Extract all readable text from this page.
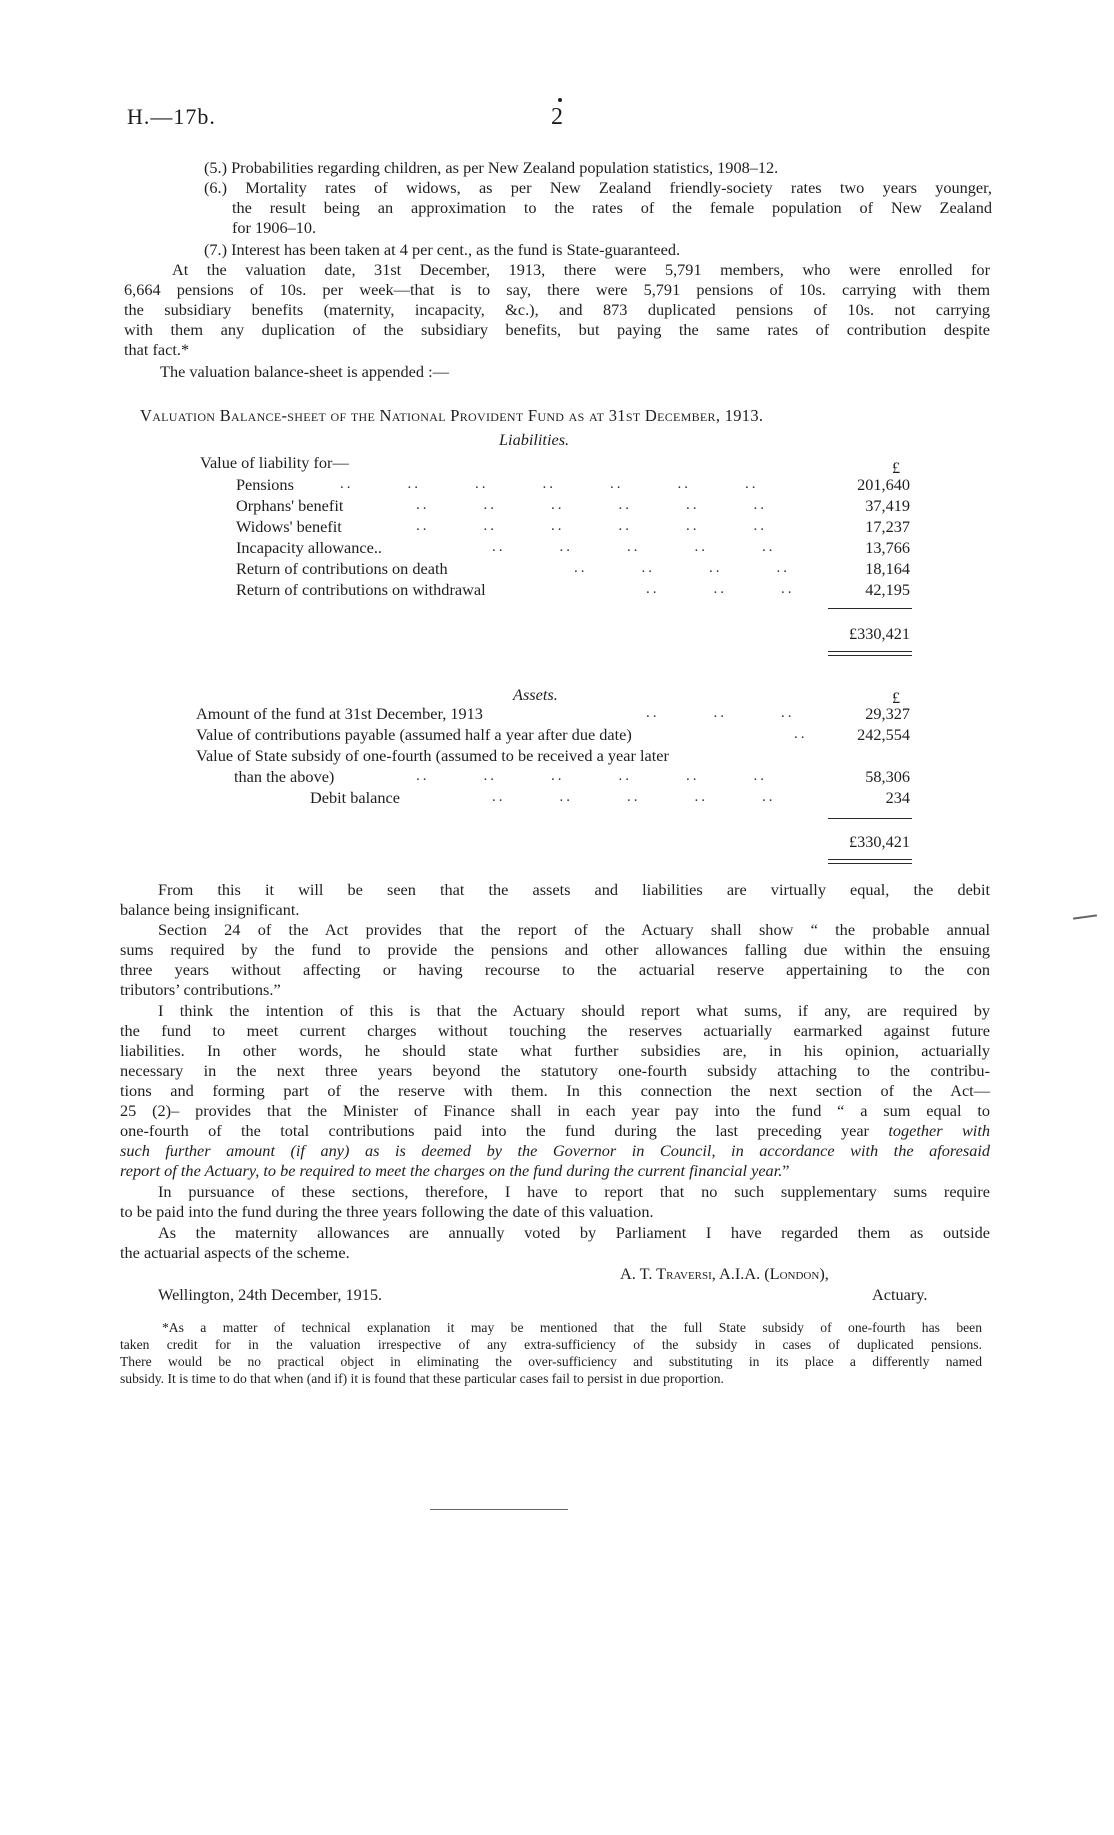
H.—17b.	2
(5.) Probabilities regarding children, as per New Zealand population statistics, 1908–12.
(6.) Mortality rates of widows, as per New Zealand friendly-society rates two years younger,
the result being an approximation to the rates of the female population of New Zealand
for 1906–10.
(7.) Interest has been taken at 4 per cent., as the fund is State-guaranteed.
At the valuation date, 31st December, 1913, there were 5,791 members, who were enrolled for
6,664 pensions of 10s. per week—that is to say, there were 5,791 pensions of 10s. carrying with them
the subsidiary benefits (maternity, incapacity, &c.), and 873 duplicated pensions of 10s. not carrying
with them any duplication of the subsidiary benefits, but paying the same rates of contribution despite
that fact.*
The valuation balance-sheet is appended :—
Valuation Balance-sheet of the National Provident Fund as at 31st December, 1913.
Liabilities.
Value of liability for—	£
Pensions	..        ..        ..        ..        ..        ..        ..	201,640
Orphans' benefit	..        ..        ..        ..        ..        ..	37,419
Widows' benefit	..        ..        ..        ..        ..        ..	17,237
Incapacity allowance..	..        ..        ..        ..        ..	13,766
Return of contributions on death	..        ..        ..        ..	18,164
Return of contributions on withdrawal	..        ..        ..	42,195
£330,421
Assets.	£
Amount of the fund at 31st December, 1913	..        ..        ..	29,327
Value of contributions payable (assumed half a year after due date)	..	242,554
Value of State subsidy of one-fourth (assumed to be received a year later
than the above)	..        ..        ..        ..        ..        ..	58,306
Debit balance	..        ..        ..        ..        ..	234
£330,421
From this it will be seen that the assets and liabilities are virtually equal, the debit
balance being insignificant.
Section 24 of the Act provides that the report of the Actuary shall show “ the probable annual
sums required by the fund to provide the pensions and other allowances falling due within the ensuing
three years without affecting or having recourse to the actuarial reserve appertaining to the con
tributors’ contributions.”
I think the intention of this is that the Actuary should report what sums, if any, are required by
the fund to meet current charges without touching the reserves actuarially earmarked against future
liabilities. In other words, he should state what further subsidies are, in his opinion, actuarially
necessary in the next three years beyond the statutory one-fourth subsidy attaching to the contribu-
tions and forming part of the reserve with them. In this connection the next section of the Act—
25 (2)– provides that the Minister of Finance shall in each year pay into the fund “ a sum equal to
one-fourth of the total contributions paid into the fund during the last preceding year together with
such further amount (if any) as is deemed by the Governor in Council, in accordance with the aforesaid
report of the Actuary, to be required to meet the charges on the fund during the current financial year.”
In pursuance of these sections, therefore, I have to report that no such supplementary sums require
to be paid into the fund during the three years following the date of this valuation.
As the maternity allowances are annually voted by Parliament I have regarded them as outside
the actuarial aspects of the scheme.
A. T. Traversi, A.I.A. (London),
Actuary.
Wellington, 24th December, 1915.
*As a matter of technical explanation it may be mentioned that the full State subsidy of one-fourth has been
taken credit for in the valuation irrespective of any extra-sufficiency of the subsidy in cases of duplicated pensions.
There would be no practical object in eliminating the over-sufficiency and substituting in its place a differently named
subsidy. It is time to do that when (and if) it is found that these particular cases fail to persist in due proportion.
